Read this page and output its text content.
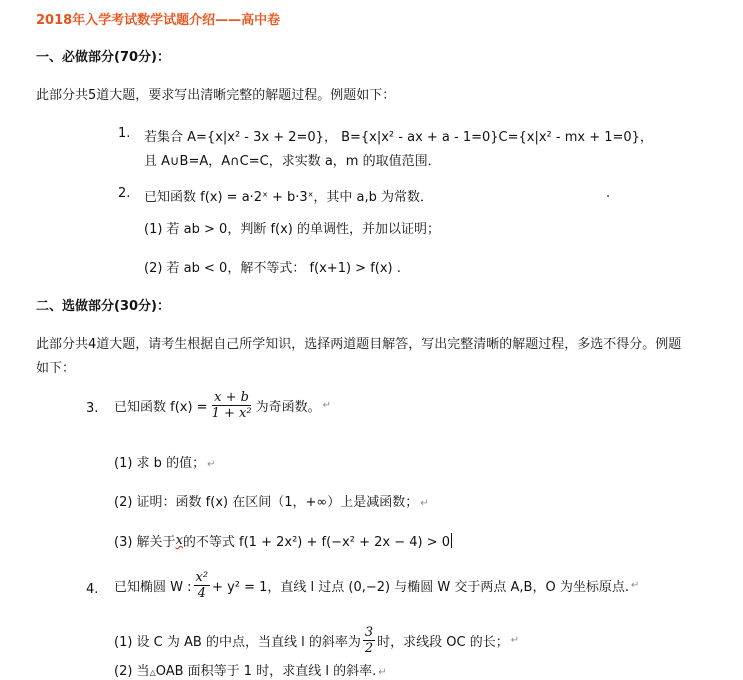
2018年入学考试数学试题介绍——高中卷
一、必做部分(70分)：
此部分共5道大题，要求写出清晰完整的解题过程。例题如下：
1. 若集合 A={x|x² - 3x + 2=0}， B={x|x² - ax + a - 1=0}C={x|x² - mx + 1=0}，
且 A∪B=A，A∩C=C，求实数 a，m 的取值范围．
2. 已知函数 f(x) = a·2ˣ + b·3ˣ，其中 a,b 为常数．	.
(1) 若 ab > 0，判断 f(x) 的单调性，并加以证明；
(2) 若 ab < 0，解不等式： f(x+1) > f(x) .
二、选做部分(30分)：
此部分共4道大题，请考生根据自己所学知识，选择两道题目解答，写出完整清晰的解题过程，多选不得分。例题
如下：
3. 已知函数 $f(x) = \frac{x + b}{\text{1 + x²}}$ 为奇函数。 ↵
(1) 求 b 的值； ↵
(2) 证明：函数 f(x) 在区间（1，+∞）上是减函数； ↵
(3) 解关于 x 的不等式 f(1 + 2x²) + f(−x² + 2x − 4) > 0
4. 已知椭圆 W : $\frac{\text{x²}}{4} + y^2 = 1$，直线 l 过点 (0,−2) 与椭圆 W 交于两点 A,B，O 为坐标原点. ↵
(1) 设 C 为 AB 的中点，当直线 l 的斜率为 $\frac{3}{2}$ 时，求线段 OC 的长； ↵
(2) 当△OAB 面积等于 1 时，求直线 l 的斜率. ↵
